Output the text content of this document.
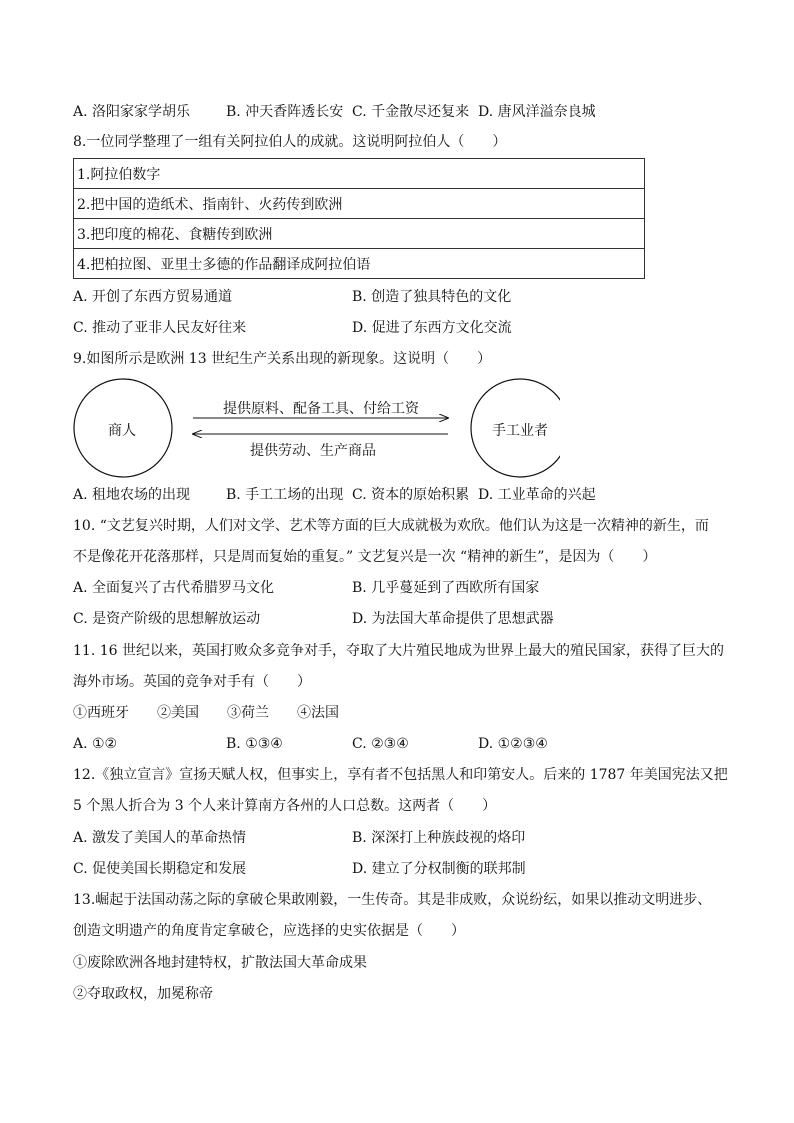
A. 洛阳家家学胡乐	B. 冲天香阵透长安 C. 千金散尽还复来 D. 唐风洋溢奈良城
8.一位同学整理了一组有关阿拉伯人的成就。这说明阿拉伯人（　　）
1.阿拉伯数字
2.把中国的造纸术、指南针、火药传到欧洲
3.把印度的棉花、食糖传到欧洲
4.把柏拉图、亚里士多德的作品翻译成阿拉伯语
A. 开创了东西方贸易通道	B. 创造了独具特色的文化
C. 推动了亚非人民友好往来	D. 促进了东西方文化交流
9.如图所示是欧洲 13 世纪生产关系出现的新现象。这说明（　　）
商人	手工业者
提供原料、配备工具、付给工资
提供劳动、生产商品
A. 租地农场的出现	B. 手工工场的出现 C. 资本的原始积累 D. 工业革命的兴起
10. “文艺复兴时期，人们对文学、艺术等方面的巨大成就极为欢欣。他们认为这是一次精神的新生，而
不是像花开花落那样，只是周而复始的重复。” 文艺复兴是一次 “精神的新生”，是因为（　　）
A. 全面复兴了古代希腊罗马文化	B. 几乎蔓延到了西欧所有国家
C. 是资产阶级的思想解放运动	D. 为法国大革命提供了思想武器
11. 16 世纪以来，英国打败众多竞争对手，夺取了大片殖民地成为世界上最大的殖民国家，获得了巨大的
海外市场。英国的竞争对手有（　　）
①西班牙　　②美国　　③荷兰　　④法国
A. ①②	B. ①③④	C. ②③④	D. ①②③④
12.《独立宣言》宣扬天赋人权，但事实上，享有者不包括黑人和印第安人。后来的 1787 年美国宪法又把
5 个黑人折合为 3 个人来计算南方各州的人口总数。这两者（　　）
A. 激发了美国人的革命热情	B. 深深打上种族歧视的烙印
C. 促使美国长期稳定和发展	D. 建立了分权制衡的联邦制
13.崛起于法国动荡之际的拿破仑果敢刚毅，一生传奇。其是非成败，众说纷纭，如果以推动文明进步、
创造文明遗产的角度肯定拿破仑，应选择的史实依据是（　　）
①废除欧洲各地封建特权，扩散法国大革命成果
②夺取政权，加冕称帝
